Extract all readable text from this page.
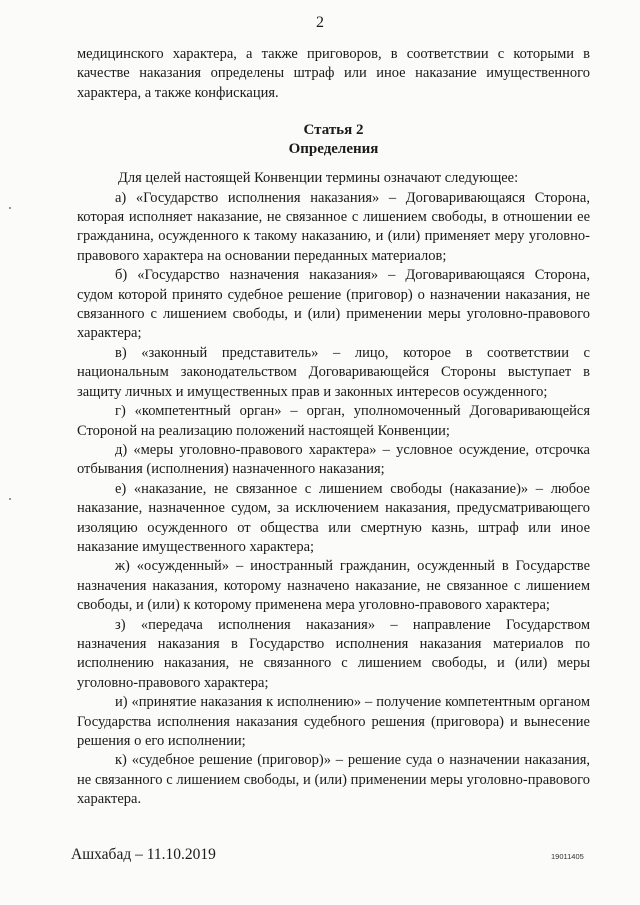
2

медицинского характера, а также приговоров, в соответствии с которыми в качестве наказания определены штраф или иное наказание имущественного характера, а также конфискация.

Статья 2
Определения

Для целей настоящей Конвенции термины означают следующее:

а) «Государство исполнения наказания» – Договаривающаяся Сторона, которая исполняет наказание, не связанное с лишением свободы, в отношении ее гражданина, осужденного к такому наказанию, и (или) применяет меру уголовно-правового характера на основании переданных материалов;

б) «Государство назначения наказания» – Договаривающаяся Сторона, судом которой принято судебное решение (приговор) о назначении наказания, не связанного с лишением свободы, и (или) применении меры уголовно-правового характера;

в) «законный представитель» – лицо, которое в соответствии с национальным законодательством Договаривающейся Стороны выступает в защиту личных и имущественных прав и законных интересов осужденного;

г) «компетентный орган» – орган, уполномоченный Договаривающейся Стороной на реализацию положений настоящей Конвенции;

д) «меры уголовно-правового характера» – условное осуждение, отсрочка отбывания (исполнения) назначенного наказания;

е) «наказание, не связанное с лишением свободы (наказание)» – любое наказание, назначенное судом, за исключением наказания, предусматривающего изоляцию осужденного от общества или смертную казнь, штраф или иное наказание имущественного характера;

ж) «осужденный» – иностранный гражданин, осужденный в Государстве назначения наказания, которому назначено наказание, не связанное с лишением свободы, и (или) к которому применена мера уголовно-правового характера;

з) «передача исполнения наказания» – направление Государством назначения наказания в Государство исполнения наказания материалов по исполнению наказания, не связанного с лишением свободы, и (или) меры уголовно-правового характера;

и) «принятие наказания к исполнению» – получение компетентным органом Государства исполнения наказания судебного решения (приговора) и вынесение решения о его исполнении;

к) «судебное решение (приговор)» – решение суда о назначении наказания, не связанного с лишением свободы, и (или) применении меры уголовно-правового характера.

Ашхабад – 11.10.2019	19011405
